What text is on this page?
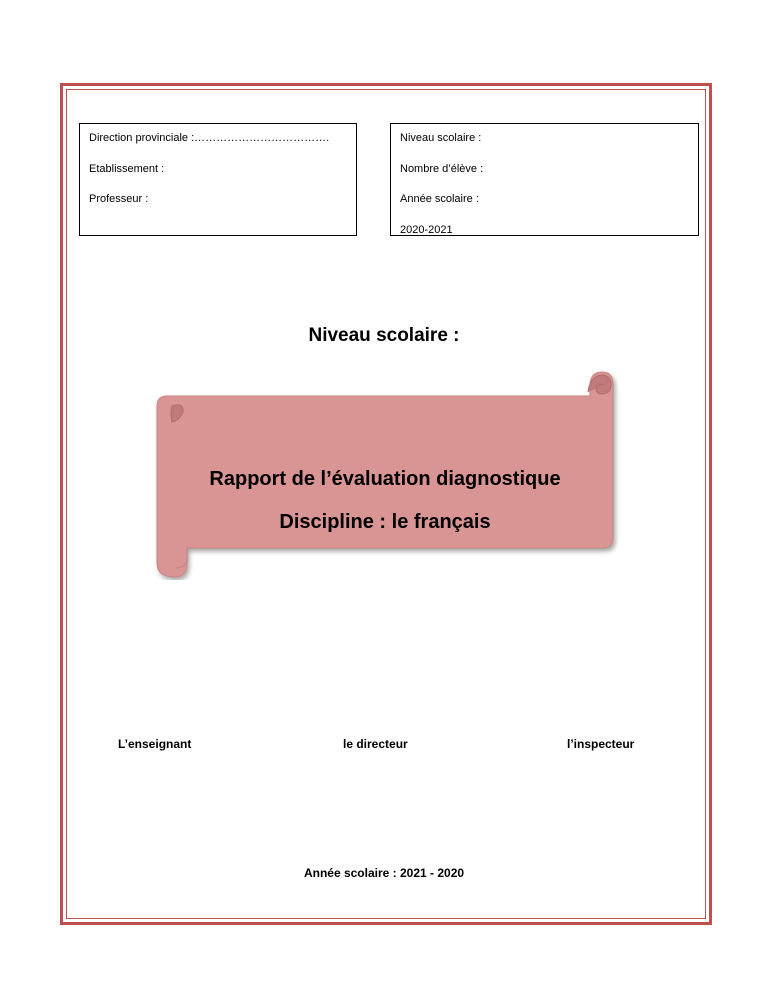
Direction provinciale :……………………………….
Etablissement :
Professeur :
Niveau scolaire :
Nombre d’élève :
Année scolaire :
2020-2021
Niveau scolaire :
Rapport de l’évaluation diagnostique
Discipline : le français
L’enseignant	le directeur	l’inspecteur
Année scolaire : 2021 - 2020
